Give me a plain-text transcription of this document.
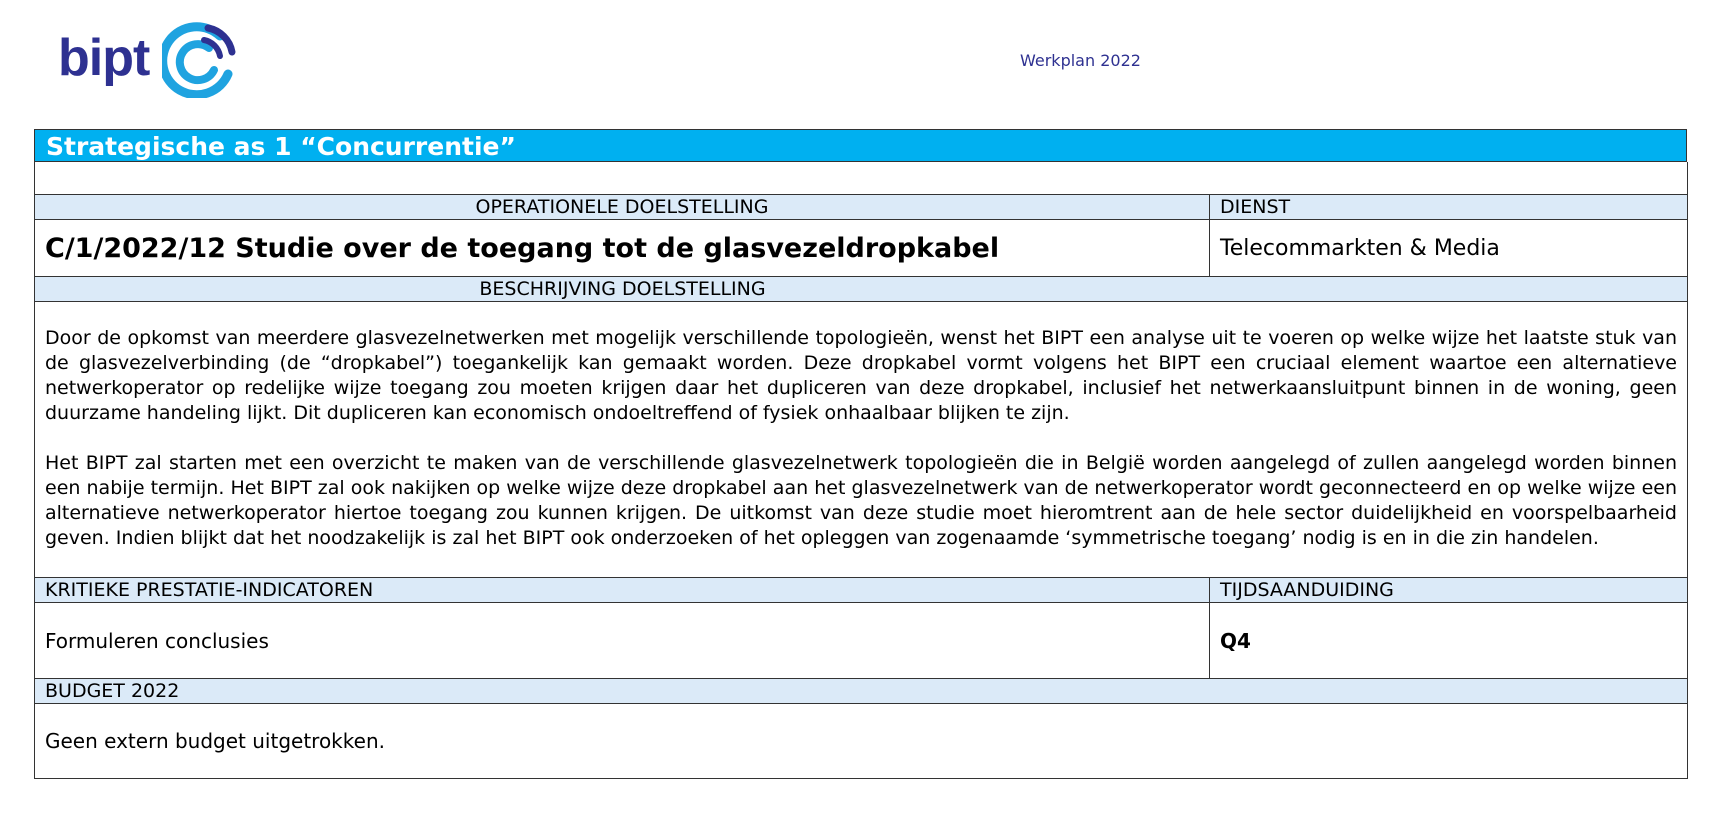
bipt	Werkplan 2022
Strategische as 1 “Concurrentie”

OPERATIONELE DOELSTELLING	DIENST
C/1/2022/12 Studie over de toegang tot de glasvezeldropkabel	Telecommarkten & Media
BESCHRIJVING DOELSTELLING	

Door de opkomst van meerdere glasvezelnetwerken met mogelijk verschillende topologieën, wenst het BIPT een analyse uit te voeren op welke wijze het laatste stuk van de glasvezelverbinding (de “dropkabel”) toegankelijk kan gemaakt worden. Deze dropkabel vormt volgens het BIPT een cruciaal element waartoe een alternatieve netwerkoperator op redelijke wijze toegang zou moeten krijgen daar het dupliceren van deze dropkabel, inclusief het netwerkaansluitpunt binnen in de woning, geen duurzame handeling lijkt. Dit dupliceren kan economisch ondoeltreffend of fysiek onhaalbaar blijken te zijn.

Het BIPT zal starten met een overzicht te maken van de verschillende glasvezelnetwerk topologieën die in België worden aangelegd of zullen aangelegd worden binnen een nabije termijn. Het BIPT zal ook nakijken op welke wijze deze dropkabel aan het glasvezelnetwerk van de netwerkoperator wordt geconnecteerd en op welke wijze een alternatieve netwerkoperator hiertoe toegang zou kunnen krijgen. De uitkomst van deze studie moet hieromtrent aan de hele sector duidelijkheid en voorspelbaarheid geven. Indien blijkt dat het noodzakelijk is zal het BIPT ook onderzoeken of het opleggen van zogenaamde ‘symmetrische toegang’ nodig is en in die zin handelen.	

KRITIEKE PRESTATIE-INDICATOREN	TIJDSAANDUIDING
Formuleren conclusies	Q4
BUDGET 2022	
Geen extern budget uitgetrokken.	
